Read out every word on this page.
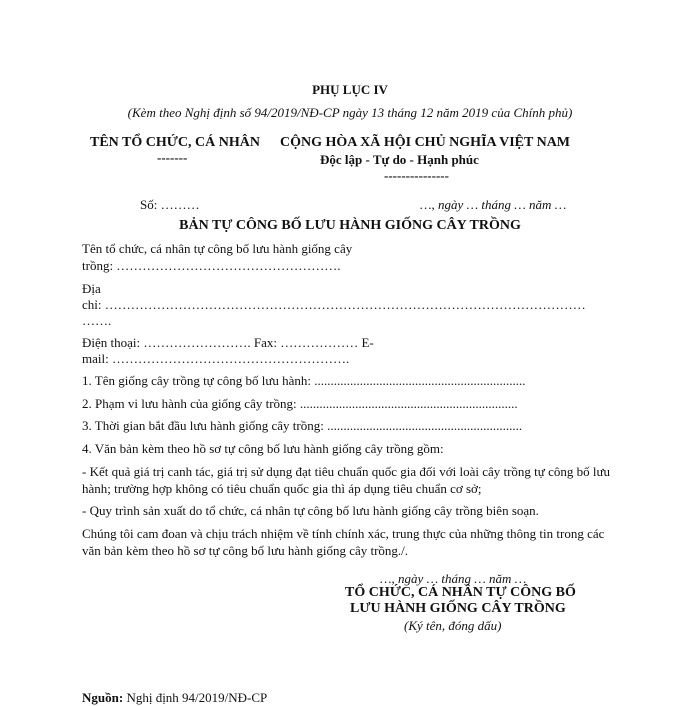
PHỤ LỤC IV
(Kèm theo Nghị định số 94/2019/NĐ-CP ngày 13 tháng 12 năm 2019 của Chính phủ)
TÊN TỔ CHỨC, CÁ NHÂN
-------
CỘNG HÒA XÃ HỘI CHỦ NGHĨA VIỆT NAM
Độc lập - Tự do - Hạnh phúc
---------------
Số: ………	…, ngày … tháng … năm …
BẢN TỰ CÔNG BỐ LƯU HÀNH GIỐNG CÂY TRỒNG
Tên tổ chức, cá nhân tự công bố lưu hành giống cây
trồng: …………………………………………….
Địa
chỉ: …………………………………………………………………………………………………
…….
Điện thoại: ……………………. Fax: ……………… E-
mail: ……………………………………………….
1. Tên giống cây trồng tự công bố lưu hành: .................................................................
2. Phạm vi lưu hành của giống cây trồng: ...................................................................
3. Thời gian bắt đầu lưu hành giống cây trồng: ............................................................
4. Văn bản kèm theo hồ sơ tự công bố lưu hành giống cây trồng gồm:
- Kết quả giá trị canh tác, giá trị sử dụng đạt tiêu chuẩn quốc gia đối với loài cây trồng tự công bố lưu hành; trường hợp không có tiêu chuẩn quốc gia thì áp dụng tiêu chuẩn cơ sở;
- Quy trình sản xuất do tổ chức, cá nhân tự công bố lưu hành giống cây trồng biên soạn.
Chúng tôi cam đoan và chịu trách nhiệm về tính chính xác, trung thực của những thông tin trong các văn bản kèm theo hồ sơ tự công bố lưu hành giống cây trồng./.
…, ngày … tháng … năm …
TỔ CHỨC, CÁ NHÂN TỰ CÔNG BỐ
LƯU HÀNH GIỐNG CÂY TRỒNG
(Ký tên, đóng dấu)
Nguồn: Nghị định 94/2019/NĐ-CP
